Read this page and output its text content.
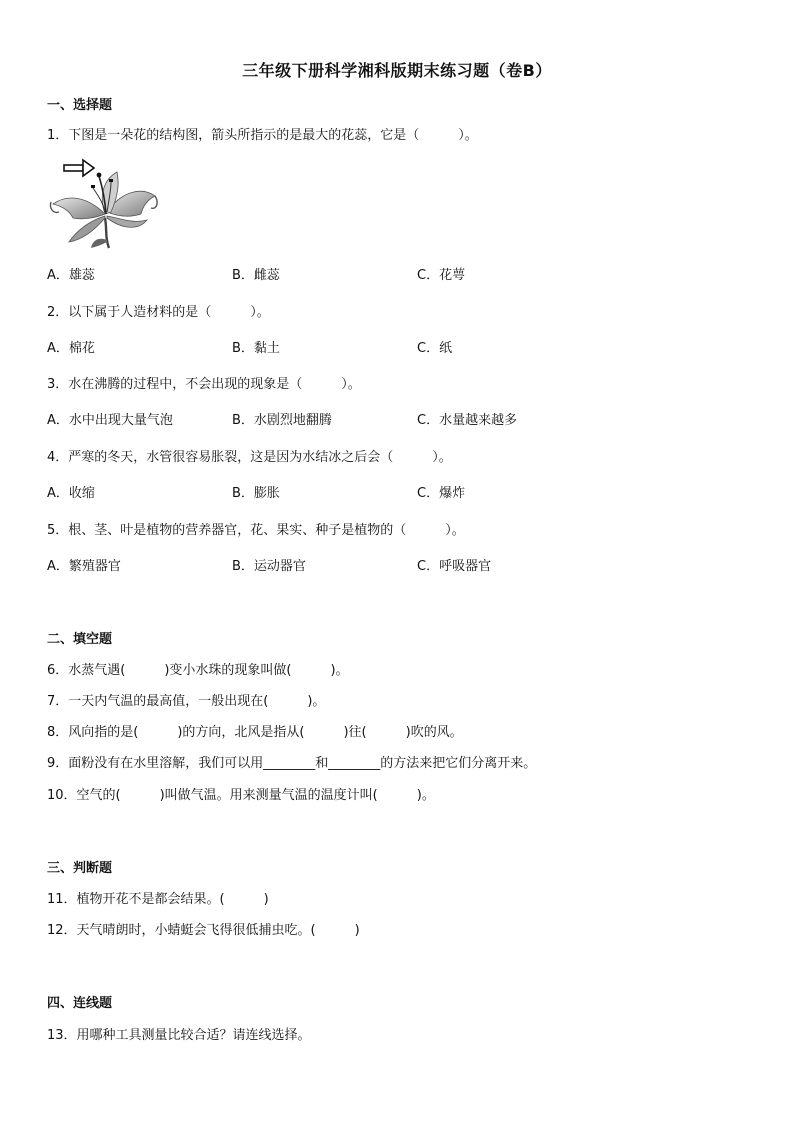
三年级下册科学湘科版期末练习题（卷B）
一、选择题
1．下图是一朵花的结构图，箭头所指示的是最大的花蕊，它是（　　　）。
A．雄蕊	B．雌蕊	C．花萼
2．以下属于人造材料的是（　　　）。
A．棉花	B．黏土	C．纸
3．水在沸腾的过程中，不会出现的现象是（　　　）。
A．水中出现大量气泡	B．水剧烈地翻腾	C．水量越来越多
4．严寒的冬天，水管很容易胀裂，这是因为水结冰之后会（　　　）。
A．收缩	B．膨胀	C．爆炸
5．根、茎、叶是植物的营养器官，花、果实、种子是植物的（　　　）。
A．繁殖器官	B．运动器官	C．呼吸器官
二、填空题
6．水蒸气遇(　　　)变小水珠的现象叫做(　　　)。
7．一天内气温的最高值，一般出现在(　　　)。
8．风向指的是(　　　)的方向，北风是指从(　　　)往(　　　)吹的风。
9．面粉没有在水里溶解，我们可以用________和________的方法来把它们分离开来。
10．空气的(　　　)叫做气温。用来测量气温的温度计叫(　　　)。
三、判断题
11．植物开花不是都会结果。(　　　)
12．天气晴朗时，小蜻蜓会飞得很低捕虫吃。(　　　)
四、连线题
13．用哪种工具测量比较合适？请连线选择。
